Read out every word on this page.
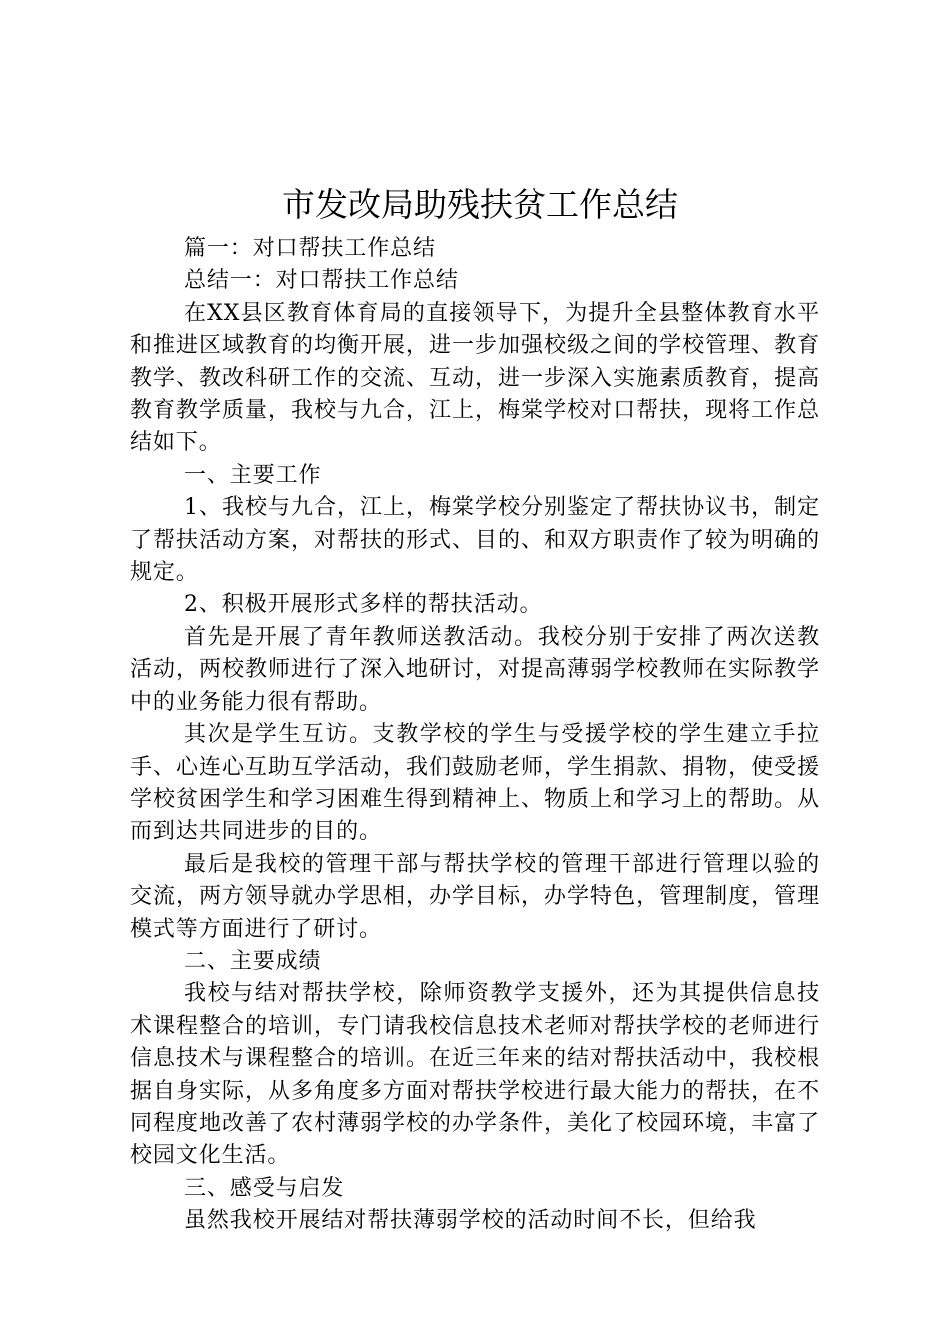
市发改局助残扶贫工作总结

篇一：对口帮扶工作总结

总结一：对口帮扶工作总结

在XX县区教育体育局的直接领导下，为提升全县整体教育水平和推进区域教育的均衡开展，进一步加强校级之间的学校管理、教育教学、教改科研工作的交流、互动，进一步深入实施素质教育，提高教育教学质量，我校与九合，江上，梅棠学校对口帮扶，现将工作总结如下。

一、主要工作

1、我校与九合，江上，梅棠学校分别鉴定了帮扶协议书，制定了帮扶活动方案，对帮扶的形式、目的、和双方职责作了较为明确的规定。

2、积极开展形式多样的帮扶活动。

首先是开展了青年教师送教活动。我校分别于安排了两次送教活动，两校教师进行了深入地研讨，对提高薄弱学校教师在实际教学中的业务能力很有帮助。

其次是学生互访。支教学校的学生与受援学校的学生建立手拉手、心连心互助互学活动，我们鼓励老师，学生捐款、捐物，使受援学校贫困学生和学习困难生得到精神上、物质上和学习上的帮助。从而到达共同进步的目的。

最后是我校的管理干部与帮扶学校的管理干部进行管理以验的交流，两方领导就办学思相，办学目标，办学特色，管理制度，管理模式等方面进行了研讨。

二、主要成绩

我校与结对帮扶学校，除师资教学支援外，还为其提供信息技术课程整合的培训，专门请我校信息技术老师对帮扶学校的老师进行信息技术与课程整合的培训。在近三年来的结对帮扶活动中，我校根据自身实际，从多角度多方面对帮扶学校进行最大能力的帮扶，在不同程度地改善了农村薄弱学校的办学条件，美化了校园环境，丰富了校园文化生活。

三、感受与启发

虽然我校开展结对帮扶薄弱学校的活动时间不长，但给我
